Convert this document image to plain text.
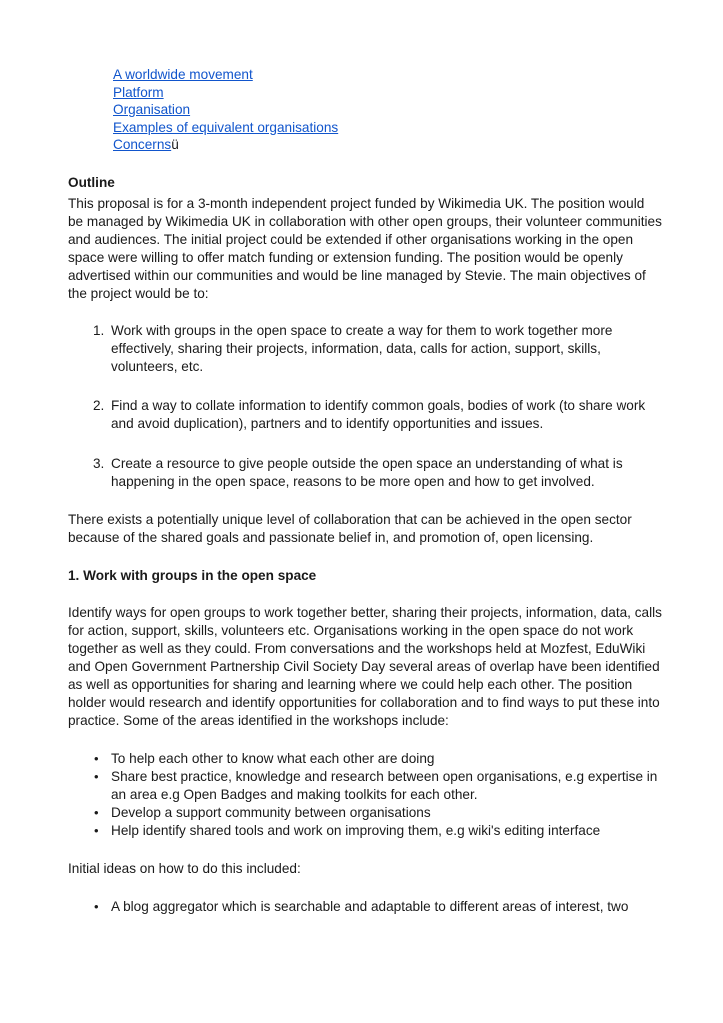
A worldwide movement
Platform
Organisation
Examples of equivalent organisations
Concernsü
Outline

This proposal is for a 3-month independent project funded by Wikimedia UK. The position would be managed by Wikimedia UK in collaboration with other open groups, their volunteer communities and audiences. The initial project could be extended if other organisations working in the open space were willing to offer match funding or extension funding. The position would be openly advertised within our communities and would be line managed by Stevie. The main objectives of the project would be to:

1. Work with groups in the open space to create a way for them to work together more effectively, sharing their projects, information, data, calls for action, support, skills, volunteers, etc.
2. Find a way to collate information to identify common goals, bodies of work (to share work and avoid duplication), partners and to identify opportunities and issues.
3. Create a resource to give people outside the open space an understanding of what is happening in the open space, reasons to be more open and how to get involved.

There exists a potentially unique level of collaboration that can be achieved in the open sector because of the shared goals and passionate belief in, and promotion of, open licensing.

1. Work with groups in the open space

Identify ways for open groups to work together better, sharing their projects, information, data, calls for action, support, skills, volunteers etc. Organisations working in the open space do not work together as well as they could. From conversations and the workshops held at Mozfest, EduWiki and Open Government Partnership Civil Society Day several areas of overlap have been identified as well as opportunities for sharing and learning where we could help each other. The position holder would research and identify opportunities for collaboration and to find ways to put these into practice. Some of the areas identified in the workshops include:

• To help each other to know what each other are doing
• Share best practice, knowledge and research between open organisations, e.g expertise in an area e.g Open Badges and making toolkits for each other.
• Develop a support community between organisations
• Help identify shared tools and work on improving them, e.g wiki's editing interface

Initial ideas on how to do this included:

• A blog aggregator which is searchable and adaptable to different areas of interest, two
